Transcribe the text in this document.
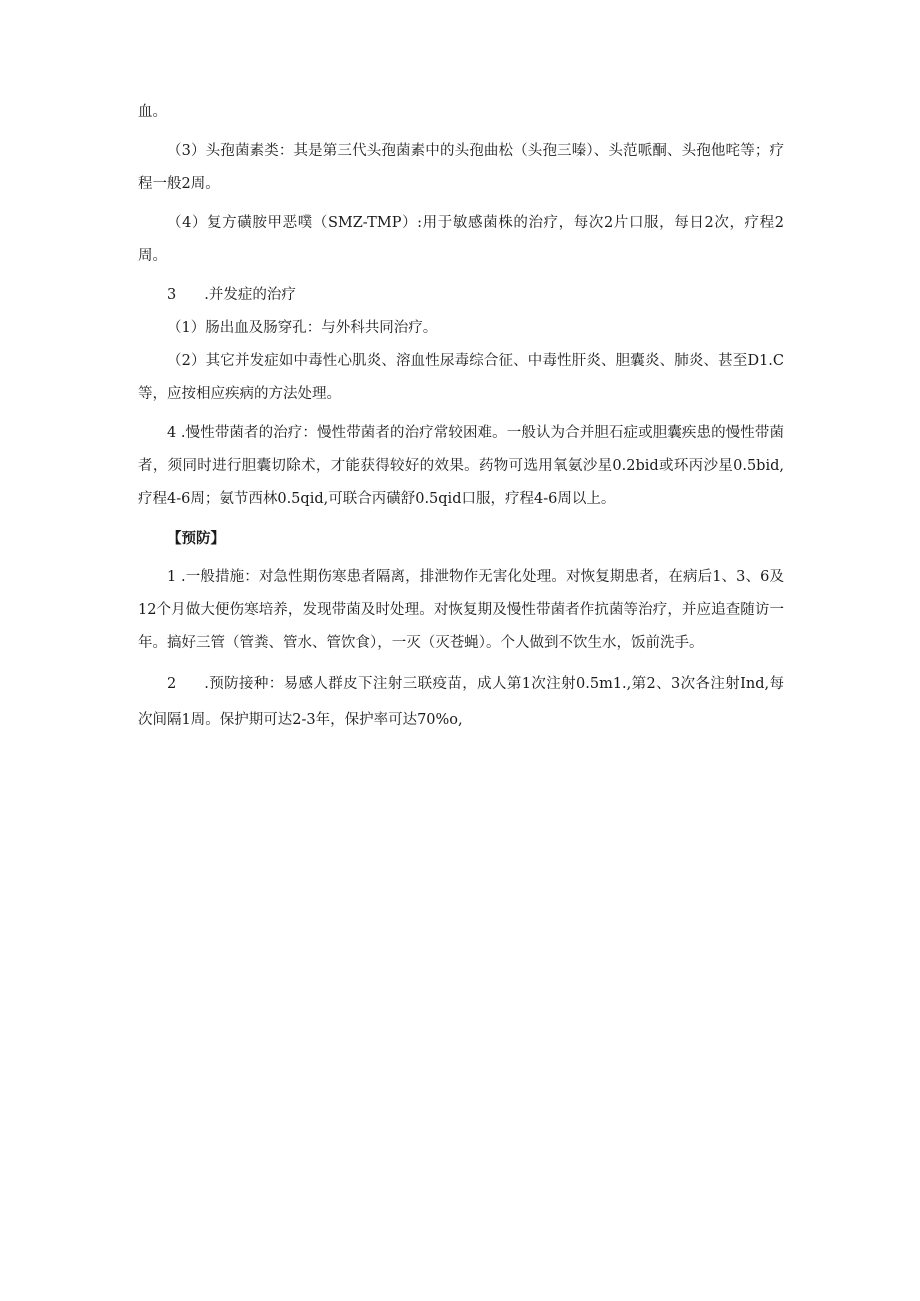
血。

（3）头孢菌素类：其是第三代头孢菌素中的头孢曲松（头孢三嗪）、头范哌酮、头孢他咤等；疗程一般2周。

（4）复方磺胺甲恶噗（SMZ-TMP）:用于敏感菌株的治疗，每次2片口服，每日2次，疗程2周。

3 .并发症的治疗

（1）肠出血及肠穿孔：与外科共同治疗。

（2）其它并发症如中毒性心肌炎、溶血性尿毒综合征、中毒性肝炎、胆囊炎、肺炎、甚至D1.C等，应按相应疾病的方法处理。

4 .慢性带菌者的治疗：慢性带菌者的治疗常较困难。一般认为合并胆石症或胆囊疾患的慢性带菌者，须同时进行胆囊切除术，才能获得较好的效果。药物可选用氧氨沙星0.2bid或环丙沙星0.5bid,疗程4-6周；氨节西林0.5qid,可联合丙磺舒0.5qid口服，疗程4-6周以上。

【预防】

1 .一般措施：对急性期伤寒患者隔离，排泄物作无害化处理。对恢复期患者，在病后1、3、6及12个月做大便伤寒培养，发现带菌及时处理。对恢复期及慢性带菌者作抗菌等治疗，并应追查随访一年。搞好三管（管粪、管水、管饮食），一灭（灭苍蝇）。个人做到不饮生水，饭前洗手。

2 .预防接种：易感人群皮下注射三联疫苗，成人第1次注射0.5m1.,第2、3次各注射Ind,每次间隔1周。保护期可达2-3年，保护率可达70%o,
